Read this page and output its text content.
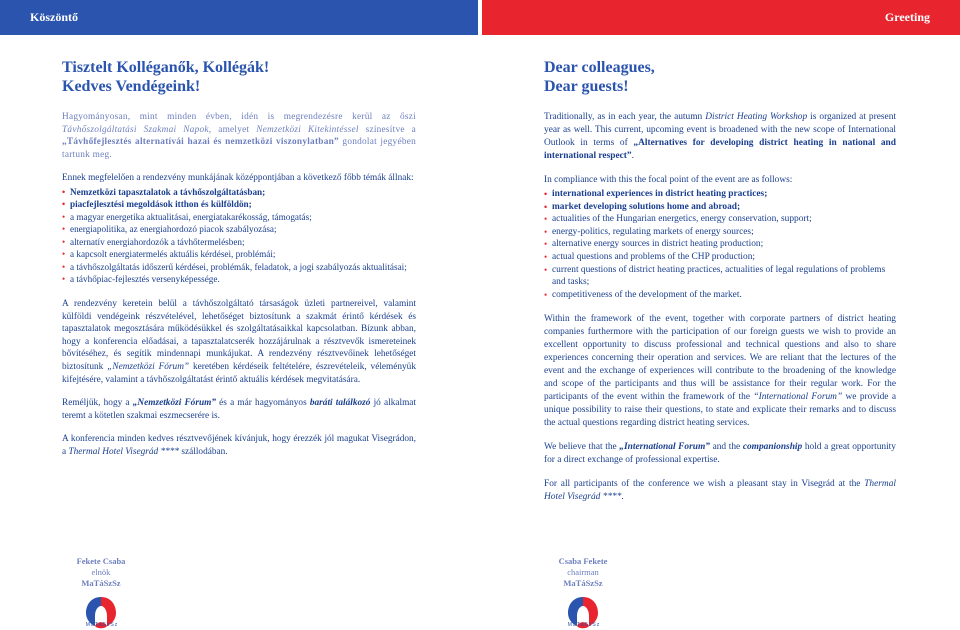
Köszöntő	Greeting
Tisztelt Kolléganők, Kollégák!
Kedves Vendégeink!

Hagyományosan, mint minden évben, idén is megrendezésre kerül az őszi Távhőszolgáltatási Szakmai Napok, amelyet Nemzetközi Kitekintéssel színesítve a „Távhőfejlesztés alternatívái hazai és nemzetközi viszonylatban” gondolat jegyében tartunk meg.

Ennek megfelelően a rendezvény munkájának középpontjában a következő főbb témák állnak:

• Nemzetközi tapasztalatok a távhőszolgáltatásban;
• piacfejlesztési megoldások itthon és külföldön;
• a magyar energetika aktualitásai, energiatakarékosság, támogatás;
• energiapolitika, az energiahordozó piacok szabályozása;
• alternatív energiahordozók a távhőtermelésben;
• a kapcsolt energiatermelés aktuális kérdései, problémái;
• a távhőszolgáltatás időszerű kérdései, problémák, feladatok, a jogi szabályozás aktualitásai;
• a távhőpiac-fejlesztés versenyképessége.

A rendezvény keretein belül a távhőszolgáltató társaságok üzleti partnereivel, valamint külföldi vendégeink részvételével, lehetőséget biztosítunk a szakmát érintő kérdések és tapasztalatok megosztására működésükkel és szolgáltatásaikkal kapcsolatban. Bízunk abban, hogy a konferencia előadásai, a tapasztalatcserék hozzájárulnak a résztvevők ismereteinek bővítéséhez, és segítik mindennapi munkájukat. A rendezvény résztvevőinek lehetőséget biztosítunk „Nemzetközi Fórum” keretében kérdéseik feltételére, észrevételeik, véleményük kifejtésére, valamint a távhőszolgáltatást érintő aktuális kérdések megvitatására.

Reméljük, hogy a „Nemzetközi Fórum” és a már hagyományos baráti találkozó jó alkalmat teremt a kötetlen szakmai eszmecserére is.

A konferencia minden kedves résztvevőjének kívánjuk, hogy érezzék jól magukat Visegrádon, a Thermal Hotel Visegrád **** szállodában.

Dear colleagues,
Dear guests!

Traditionally, as in each year, the autumn District Heating Workshop is organized at present year as well. This current, upcoming event is broadened with the new scope of International Outlook in terms of „Alternatives for developing district heating in national and international respect”.

In compliance with this the focal point of the event are as follows:

• international experiences in district heating practices;
• market developing solutions home and abroad;
• actualities of the Hungarian energetics, energy conservation, support;
• energy-politics, regulating markets of energy sources;
• alternative energy sources in district heating production;
• actual questions and problems of the CHP production;
• current questions of district heating practices, actualities of legal regulations of problems and tasks;
• competitiveness of the development of the market.

Within the framework of the event, together with corporate partners of district heating companies furthermore with the participation of our foreign guests we wish to provide an excellent opportunity to discuss professional and technical questions and also to share experiences concerning their operation and services. We are reliant that the lectures of the event and the exchange of experiences will contribute to the broadening of the knowledge and scope of the participants and thus will be assistance for their regular work. For the participants of the event within the framework of the “International Forum” we provide a unique possibility to raise their questions, to state and explicate their remarks and to discuss the actual questions regarding district heating services.

We believe that the „International Forum” and the companionship hold a great opportunity for a direct exchange of professional expertise.

For all participants of the conference we wish a pleasant stay in Visegrád at the Thermal Hotel Visegrád ****.

Fekete Csaba
elnök
MaTáSzSz
Csaba Fekete
chairman
MaTáSzSz
MaTáSzSz	MaTáSzSz
